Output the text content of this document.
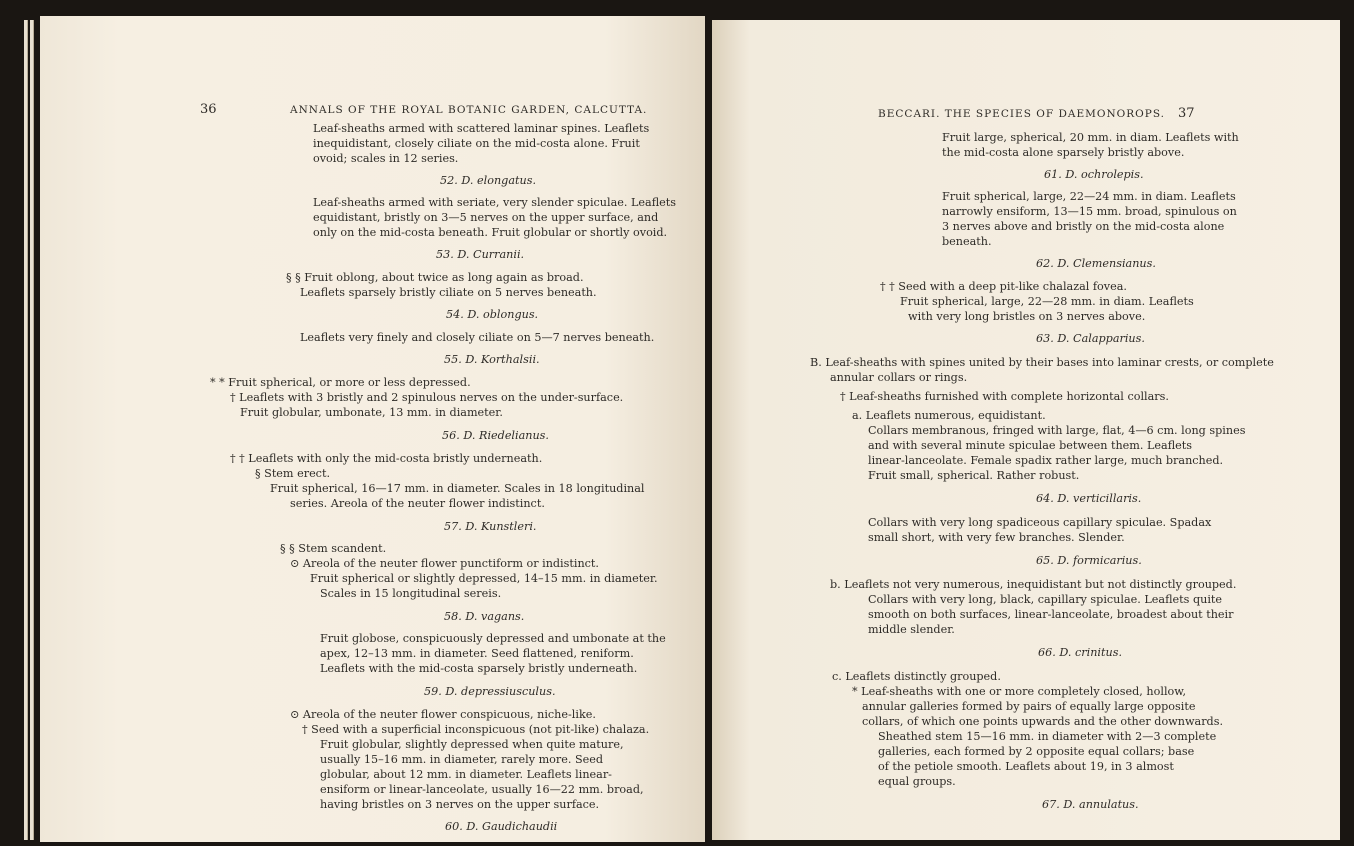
36	ANNALS OF THE ROYAL BOTANIC GARDEN, CALCUTTA.
Leaf-sheaths armed with scattered laminar spines. Leaflets
inequidistant, closely ciliate on the mid-costa alone. Fruit
ovoid; scales in 12 series.
52. D. elongatus.
Leaf-sheaths armed with seriate, very slender spiculae. Leaflets
equidistant, bristly on 3—5 nerves on the upper surface, and
only on the mid-costa beneath. Fruit globular or shortly ovoid.
53. D. Curranii.
§ § Fruit oblong, about twice as long again as broad.
Leaflets sparsely bristly ciliate on 5 nerves beneath.
54. D. oblongus.
Leaflets very finely and closely ciliate on 5—7 nerves beneath.
55. D. Korthalsii.
* * Fruit spherical, or more or less depressed.
† Leaflets with 3 bristly and 2 spinulous nerves on the under-surface.
Fruit globular, umbonate, 13 mm. in diameter.
56. D. Riedelianus.
† † Leaflets with only the mid-costa bristly underneath.
§ Stem erect.
Fruit spherical, 16—17 mm. in diameter. Scales in 18 longitudinal
series. Areola of the neuter flower indistinct.
57. D. Kunstleri.
§ § Stem scandent.
⊙ Areola of the neuter flower punctiform or indistinct.
Fruit spherical or slightly depressed, 14–15 mm. in diameter.
Scales in 15 longitudinal sereis.
58. D. vagans.
Fruit globose, conspicuously depressed and umbonate at the
apex, 12–13 mm. in diameter. Seed flattened, reniform.
Leaflets with the mid-costa sparsely bristly underneath.
59. D. depressiusculus.
⊙ Areola of the neuter flower conspicuous, niche-like.
† Seed with a superficial inconspicuous (not pit-like) chalaza.
Fruit globular, slightly depressed when quite mature,
usually 15–16 mm. in diameter, rarely more. Seed
globular, about 12 mm. in diameter. Leaflets linear-
ensiform or linear-lanceolate, usually 16—22 mm. broad,
having bristles on 3 nerves on the upper surface.
60. D. Gaudichaudii
BECCARI. THE SPECIES OF DAEMONOROPS. 37
Fruit large, spherical, 20 mm. in diam. Leaflets with
the mid-costa alone sparsely bristly above.
61. D. ochrolepis.
Fruit spherical, large, 22—24 mm. in diam. Leaflets
narrowly ensiform, 13—15 mm. broad, spinulous on
3 nerves above and bristly on the mid-costa alone
beneath.
62. D. Clemensianus.
† † Seed with a deep pit-like chalazal fovea.
Fruit spherical, large, 22—28 mm. in diam. Leaflets
with very long bristles on 3 nerves above.
63. D. Calapparius.
B. Leaf-sheaths with spines united by their bases into laminar crests, or complete
annular collars or rings.
† Leaf-sheaths furnished with complete horizontal collars.
a. Leaflets numerous, equidistant.
Collars membranous, fringed with large, flat, 4—6 cm. long spines
and with several minute spiculae between them. Leaflets
linear-lanceolate. Female spadix rather large, much branched.
Fruit small, spherical. Rather robust.
64. D. verticillaris.
Collars with very long spadiceous capillary spiculae. Spadax
small short, with very few branches. Slender.
65. D. formicarius.
b. Leaflets not very numerous, inequidistant but not distinctly grouped.
Collars with very long, black, capillary spiculae. Leaflets quite
smooth on both surfaces, linear-lanceolate, broadest about their
middle slender.
66. D. crinitus.
c. Leaflets distinctly grouped.
* Leaf-sheaths with one or more completely closed, hollow,
annular galleries formed by pairs of equally large opposite
collars, of which one points upwards and the other downwards.
Sheathed stem 15—16 mm. in diameter with 2—3 complete
galleries, each formed by 2 opposite equal collars; base
of the petiole smooth. Leaflets about 19, in 3 almost
equal groups.
67. D. annulatus.
